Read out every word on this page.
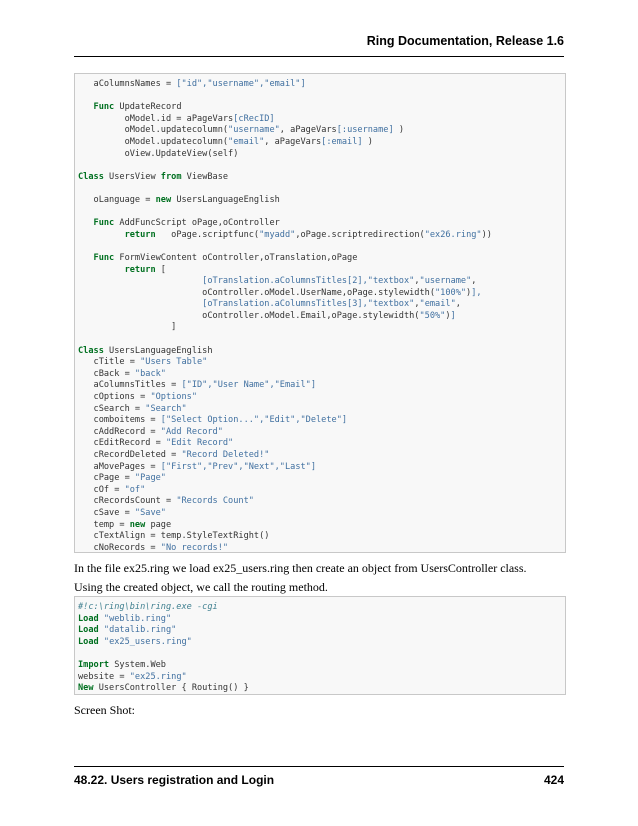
Ring Documentation, Release 1.6
aColumnsNames = ["id","username","email"]
Func UpdateRecord
oModel.id = aPageVars[cRecID]
oModel.updatecolumn("username", aPageVars[:username] )
oModel.updatecolumn("email", aPageVars[:email] )
oView.UpdateView(self)
Class UsersView from ViewBase
oLanguage = new UsersLanguageEnglish
Func AddFuncScript oPage,oController
return   oPage.scriptfunc("myadd",oPage.scriptredirection("ex26.ring"))
Func FormViewContent oController,oTranslation,oPage
return [
[oTranslation.aColumnsTitles[2],"textbox","username",
oController.oModel.UserName,oPage.stylewidth("100%")],
[oTranslation.aColumnsTitles[3],"textbox","email",
oController.oModel.Email,oPage.stylewidth("50%")]
]
Class UsersLanguageEnglish
cTitle = "Users Table"
cBack = "back"
aColumnsTitles = ["ID","User Name","Email"]
cOptions = "Options"
cSearch = "Search"
comboitems = ["Select Option...","Edit","Delete"]
cAddRecord = "Add Record"
cEditRecord = "Edit Record"
cRecordDeleted = "Record Deleted!"
aMovePages = ["First","Prev","Next","Last"]
cPage = "Page"
cOf = "of"
cRecordsCount = "Records Count"
cSave = "Save"
temp = new page
cTextAlign = temp.StyleTextRight()
cNoRecords = "No records!"
In the file ex25.ring we load ex25_users.ring then create an object from UsersController class.
Using the created object, we call the routing method.
#!c:\ring\bin\ring.exe -cgi
Load "weblib.ring"
Load "datalib.ring"
Load "ex25_users.ring"
Import System.Web
website = "ex25.ring"
New UsersController { Routing() }
Screen Shot:
48.22. Users registration and Login	424
